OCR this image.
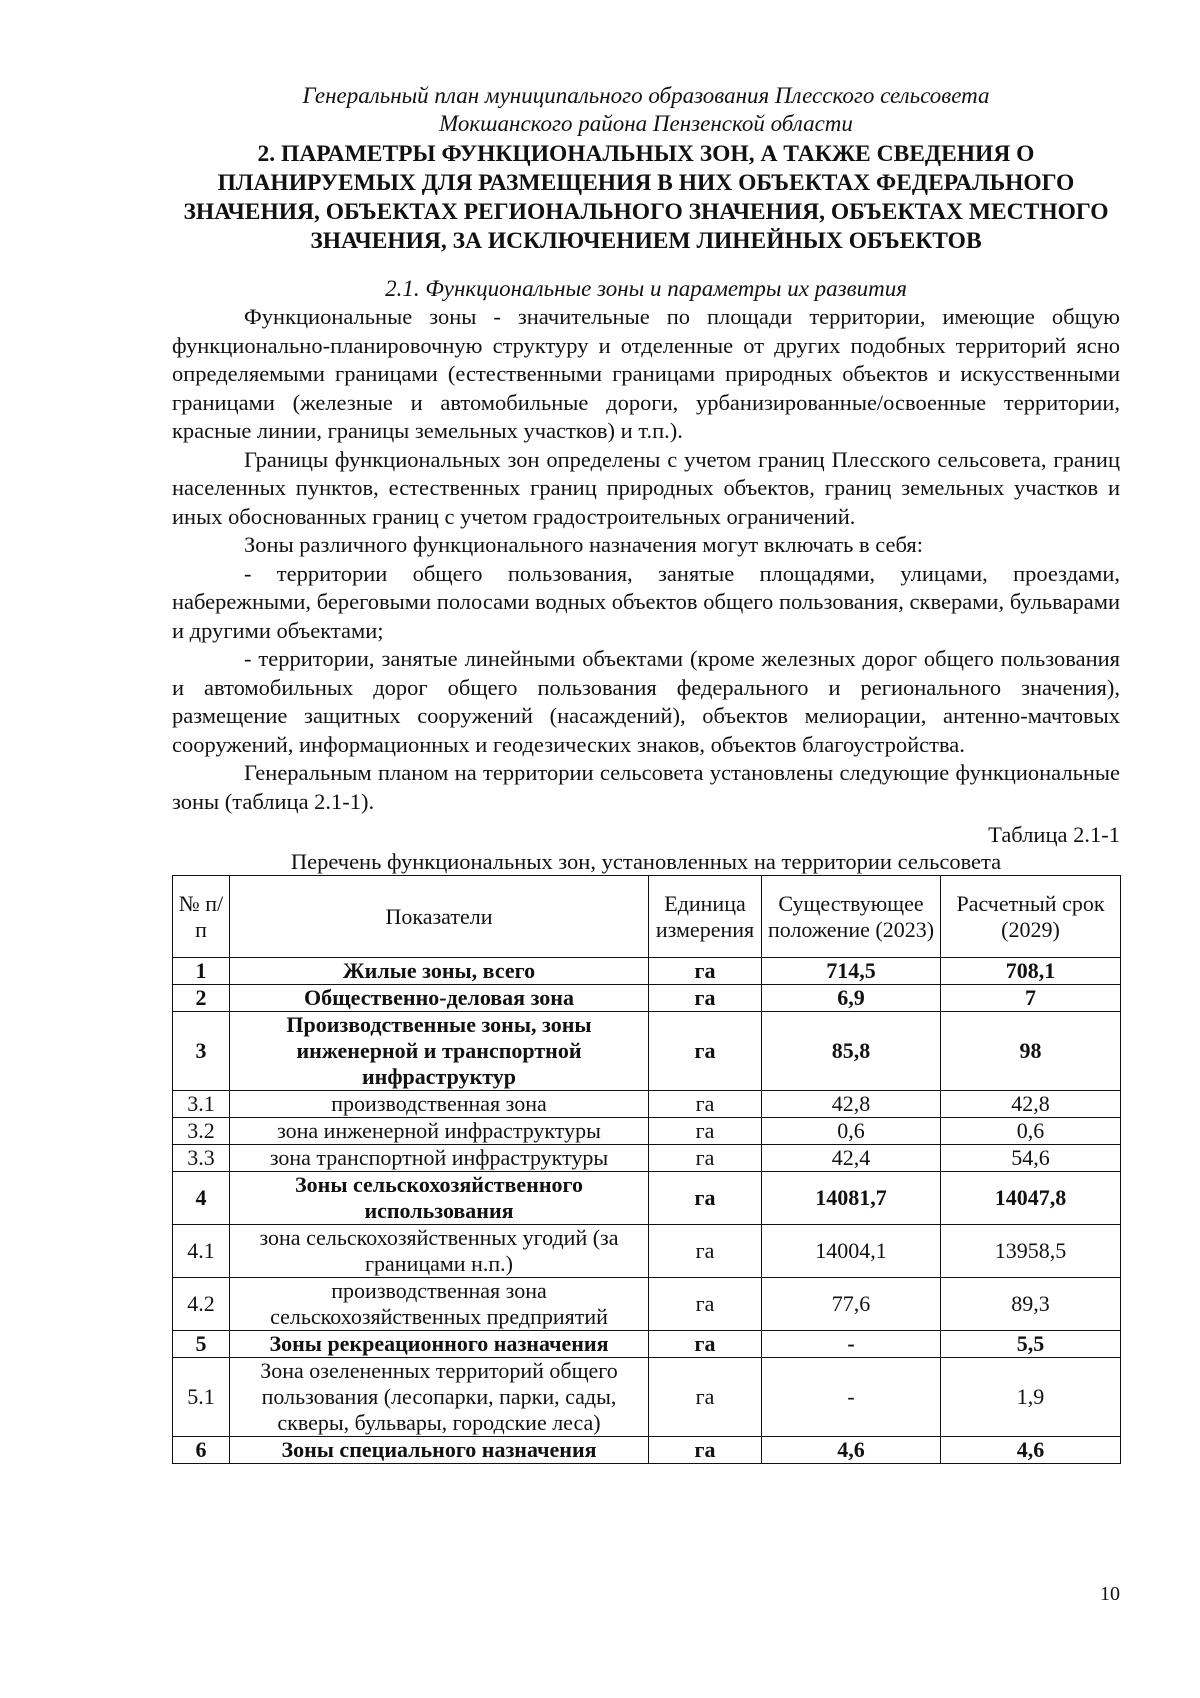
Генеральный план муниципального образования Плесского сельсовета
Мокшанского района Пензенской области
2. ПАРАМЕТРЫ ФУНКЦИОНАЛЬНЫХ ЗОН, А ТАКЖЕ СВЕДЕНИЯ О ПЛАНИРУЕМЫХ ДЛЯ РАЗМЕЩЕНИЯ В НИХ ОБЪЕКТАХ ФЕДЕРАЛЬНОГО ЗНАЧЕНИЯ, ОБЪЕКТАХ РЕГИОНАЛЬНОГО ЗНАЧЕНИЯ, ОБЪЕКТАХ МЕСТНОГО ЗНАЧЕНИЯ, ЗА ИСКЛЮЧЕНИЕМ ЛИНЕЙНЫХ ОБЪЕКТОВ
2.1. Функциональные зоны и параметры их развития

Функциональные зоны - значительные по площади территории, имеющие общую функционально-планировочную структуру и отделенные от других подобных территорий ясно определяемыми границами (естественными границами природных объектов и искусственными границами (железные и автомобильные дороги, урбанизированные/освоенные территории, красные линии, границы земельных участков) и т.п.).

Границы функциональных зон определены с учетом границ Плесского сельсовета, границ населенных пунктов, естественных границ природных объектов, границ земельных участков и иных обоснованных границ с учетом градостроительных ограничений.

Зоны различного функционального назначения могут включать в себя:

- территории общего пользования, занятые площадями, улицами, проездами, набережными, береговыми полосами водных объектов общего пользования, скверами, бульварами и другими объектами;

- территории, занятые линейными объектами (кроме железных дорог общего пользования и автомобильных дорог общего пользования федерального и регионального значения), размещение защитных сооружений (насаждений), объектов мелиорации, антенно-мачтовых сооружений, информационных и геодезических знаков, объектов благоустройства.

Генеральным планом на территории сельсовета установлены следующие функциональные зоны (таблица 2.1-1).

Таблица 2.1-1
Перечень функциональных зон, установленных на территории сельсовета
№ п/п	Показатели	Единица измерения	Существующее положение (2023)	Расчетный срок (2029)
1	Жилые зоны, всего	га	714,5	708,1
2	Общественно-деловая зона	га	6,9	7
3	Производственные зоны, зоны инженерной и транспортной инфраструктур	га	85,8	98
3.1	производственная зона	га	42,8	42,8
3.2	зона инженерной инфраструктуры	га	0,6	0,6
3.3	зона транспортной инфраструктуры	га	42,4	54,6
4	Зоны сельскохозяйственного использования	га	14081,7	14047,8
4.1	зона сельскохозяйственных угодий (за границами н.п.)	га	14004,1	13958,5
4.2	производственная зона сельскохозяйственных предприятий	га	77,6	89,3
5	Зоны рекреационного назначения	га	-	5,5
5.1	Зона озелененных территорий общего пользования (лесопарки, парки, сады, скверы, бульвары, городские леса)	га	-	1,9
6	Зоны специального назначения	га	4,6	4,6
10
